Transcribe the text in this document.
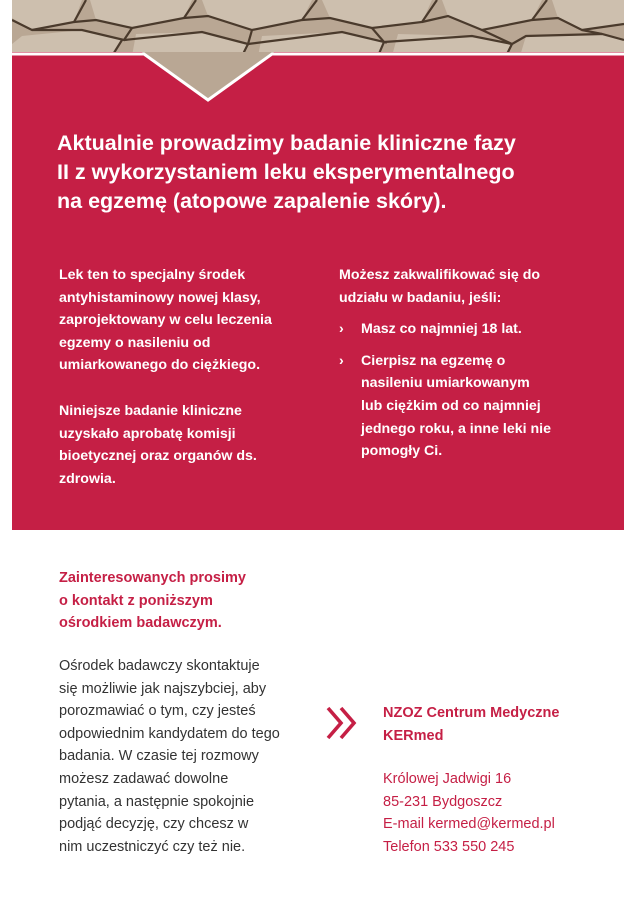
Aktualnie prowadzimy badanie kliniczne fazy
II z wykorzystaniem leku eksperymentalnego
na egzemę (atopowe zapalenie skóry).

Lek ten to specjalny środek
antyhistaminowy nowej klasy,
zaprojektowany w celu leczenia
egzemy o nasileniu od
umiarkowanego do ciężkiego.

Niniejsze badanie kliniczne
uzyskało aprobatę komisji
bioetycznej oraz organów ds.
zdrowia.

Możesz zakwalifikować się do
udziału w badaniu, jeśli:

› Masz co najmniej 18 lat.
› Cierpisz na egzemę o
nasileniu umiarkowanym
lub ciężkim od co najmniej
jednego roku, a inne leki nie
pomogły Ci.
Zainteresowanych prosimy
o kontakt z poniższym
ośrodkiem badawczym.
Ośrodek badawczy skontaktuje
się możliwie jak najszybciej, aby
porozmawiać o tym, czy jesteś
odpowiednim kandydatem do tego
badania. W czasie tej rozmowy
możesz zadawać dowolne
pytania, a następnie spokojnie
podjąć decyzję, czy chcesz w
nim uczestniczyć czy też nie.
NZOZ Centrum Medyczne
KERmed
Królowej Jadwigi 16
85-231 Bydgoszcz
E-mail kermed@kermed.pl
Telefon 533 550 245
